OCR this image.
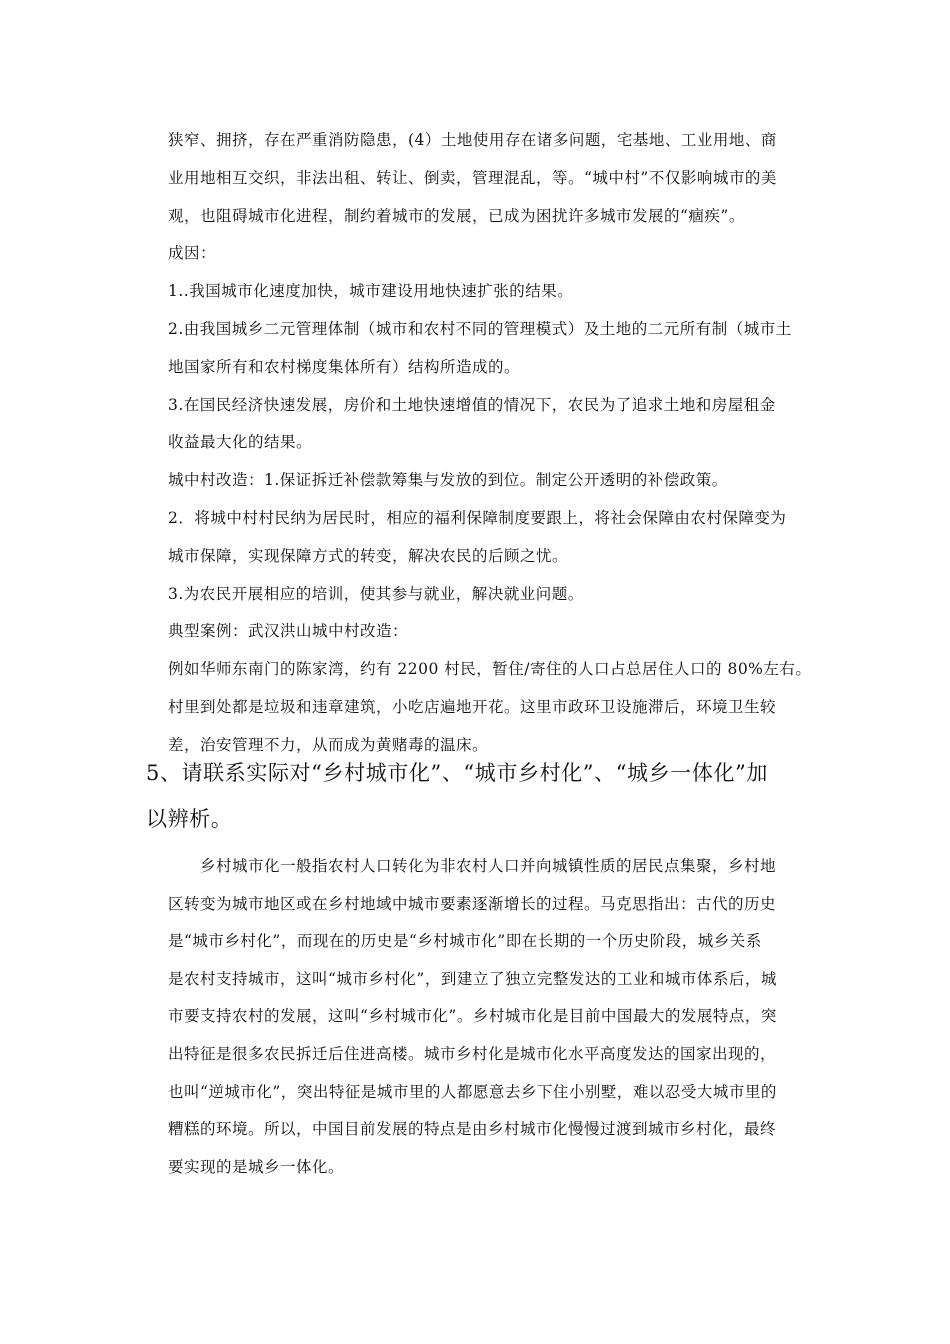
狭窄、拥挤，存在严重消防隐患，(4）土地使用存在诸多问题，宅基地、工业用地、商
业用地相互交织，非法出租、转让、倒卖，管理混乱，等。“城中村”不仅影响城市的美
观，也阻碍城市化进程，制约着城市的发展，已成为困扰许多城市发展的“痼疾”。
成因：
1..我国城市化速度加快，城市建设用地快速扩张的结果。
2.由我国城乡二元管理体制（城市和农村不同的管理模式）及土地的二元所有制（城市土
地国家所有和农村梯度集体所有）结构所造成的。
3.在国民经济快速发展，房价和土地快速增值的情况下，农民为了追求土地和房屋租金
收益最大化的结果。
城中村改造：1.保证拆迁补偿款筹集与发放的到位。制定公开透明的补偿政策。
2．将城中村村民纳为居民时，相应的福利保障制度要跟上，将社会保障由农村保障变为
城市保障，实现保障方式的转变，解决农民的后顾之忧。
3.为农民开展相应的培训，使其参与就业，解决就业问题。
典型案例：武汉洪山城中村改造：
例如华师东南门的陈家湾，约有 2200 村民，暂住/寄住的人口占总居住人口的 80%左右。
村里到处都是垃圾和违章建筑，小吃店遍地开花。这里市政环卫设施滞后，环境卫生较
差，治安管理不力，从而成为黄赌毒的温床。
5、请联系实际对“乡村城市化”、“城市乡村化”、“城乡一体化”加
以辨析。
乡村城市化一般指农村人口转化为非农村人口并向城镇性质的居民点集聚，乡村地
区转变为城市地区或在乡村地域中城市要素逐渐增长的过程。马克思指出：古代的历史
是“城市乡村化”，而现在的历史是“乡村城市化”即在长期的一个历史阶段，城乡关系
是农村支持城市，这叫“城市乡村化”，到建立了独立完整发达的工业和城市体系后，城
市要支持农村的发展，这叫“乡村城市化”。乡村城市化是目前中国最大的发展特点，突
出特征是很多农民拆迁后住进高楼。城市乡村化是城市化水平高度发达的国家出现的，
也叫“逆城市化”，突出特征是城市里的人都愿意去乡下住小别墅，难以忍受大城市里的
糟糕的环境。所以，中国目前发展的特点是由乡村城市化慢慢过渡到城市乡村化，最终
要实现的是城乡一体化。
